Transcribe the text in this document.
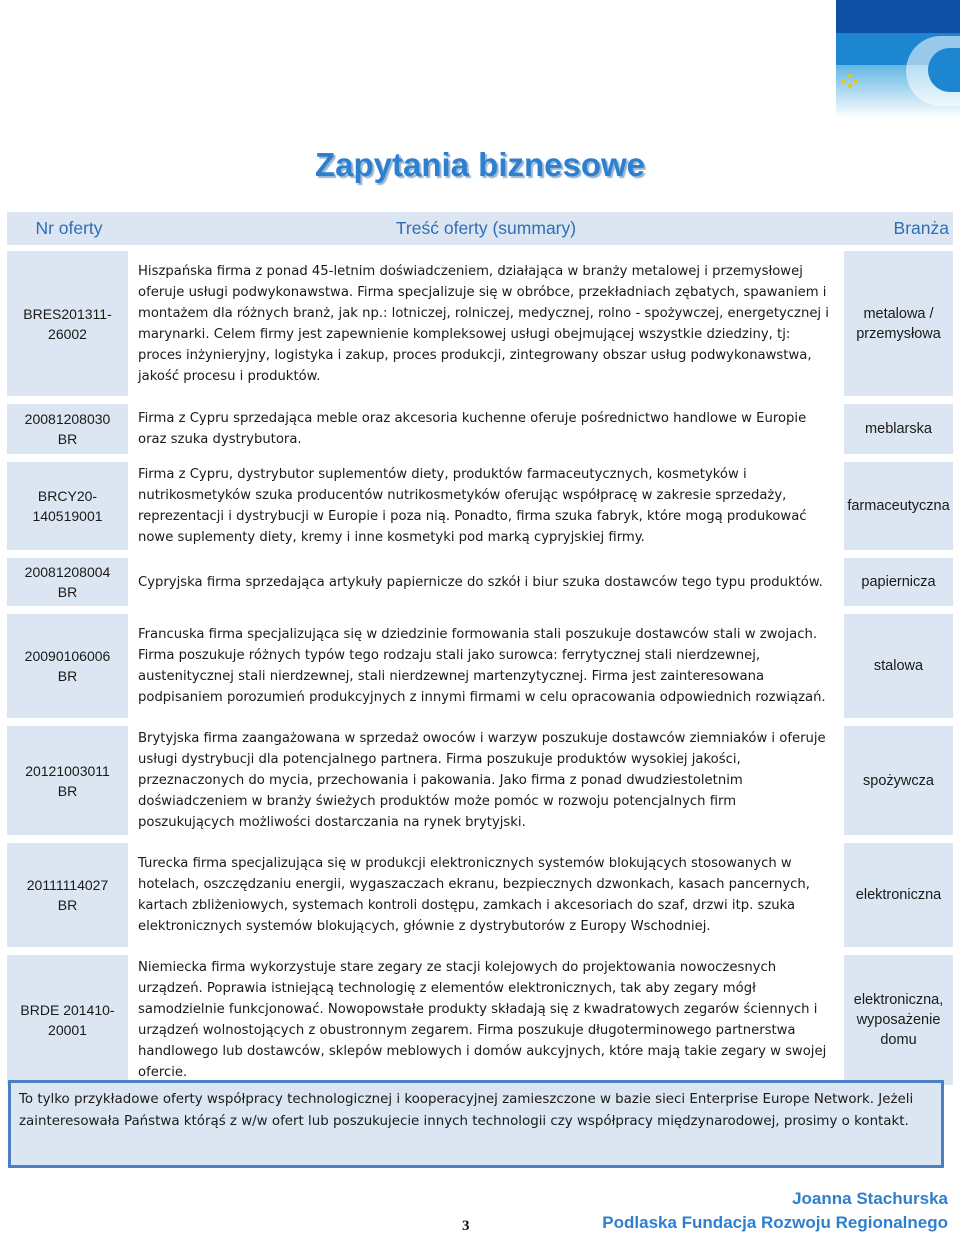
Zapytania biznesowe
Nr oferty	Treść oferty (summary)	Branża
BRES201311-26002	Hiszpańska firma z ponad 45-letnim doświadczeniem, działająca w branży metalowej i przemysłowej oferuje usługi podwykonawstwa. Firma specjalizuje się w obróbce, przekładniach zębatych, spawaniem i montażem dla różnych branż, jak np.: lotniczej, rolniczej, medycznej, rolno - spożywczej, energetycznej i marynarki. Celem firmy jest zapewnienie kompleksowej usługi obejmującej wszystkie dziedziny, tj: proces inżynieryjny, logistyka i zakup, proces produkcji, zintegrowany obszar usług podwykonawstwa, jakość procesu i produktów.	metalowa / przemysłowa
20081208030 BR	Firma z Cypru sprzedająca meble oraz akcesoria kuchenne oferuje pośrednictwo handlowe w Europie oraz szuka dystrybutora.	meblarska
BRCY20-140519001	Firma z Cypru, dystrybutor suplementów diety, produktów farmaceutycznych, kosmetyków i nutrikosmetyków szuka producentów nutrikosmetyków oferując współpracę w zakresie sprzedaży, reprezentacji i dystrybucji w Europie i poza nią. Ponadto, firma szuka fabryk, które mogą produkować nowe suplementy diety, kremy i inne kosmetyki pod marką cypryjskiej firmy.	farmaceutyczna
20081208004 BR	Cypryjska firma sprzedająca artykuły papiernicze do szkół i biur szuka dostawców tego typu produktów.	papiernicza
20090106006 BR	Francuska firma specjalizująca się w dziedzinie formowania stali poszukuje dostawców stali w zwojach. Firma poszukuje różnych typów tego rodzaju stali jako surowca: ferrytycznej stali nierdzewnej, austenitycznej stali nierdzewnej, stali nierdzewnej martenzytycznej. Firma jest zainteresowana podpisaniem porozumień produkcyjnych z innymi firmami w celu opracowania odpowiednich rozwiązań.	stalowa
20121003011 BR	Brytyjska firma zaangażowana w sprzedaż owoców i warzyw poszukuje dostawców ziemniaków i oferuje usługi dystrybucji dla potencjalnego partnera. Firma poszukuje produktów wysokiej jakości, przeznaczonych do mycia, przechowania i pakowania. Jako firma z ponad dwudziestoletnim doświadczeniem w branży świeżych produktów może pomóc w rozwoju potencjalnych firm poszukujących możliwości dostarczania na rynek brytyjski.	spożywcza
20111114027 BR	Turecka firma specjalizująca się w produkcji elektronicznych systemów blokujących stosowanych w hotelach, oszczędzaniu energii, wygaszaczach ekranu, bezpiecznych dzwonkach, kasach pancernych, kartach zbliżeniowych, systemach kontroli dostępu, zamkach i akcesoriach do szaf, drzwi itp. szuka elektronicznych systemów blokujących, głównie z dystrybutorów z Europy Wschodniej.	elektroniczna
BRDE 201410-20001	Niemiecka firma wykorzystuje stare zegary ze stacji kolejowych do projektowania nowoczesnych urządzeń. Poprawia istniejącą technologię z elementów elektronicznych, tak aby zegary mógł samodzielnie funkcjonować. Nowopowstałe produkty składają się z kwadratowych zegarów ściennych i urządzeń wolnostojących z obustronnym zegarem. Firma poszukuje długoterminowego partnerstwa handlowego lub dostawców, sklepów meblowych i domów aukcyjnych, które mają takie zegary w swojej ofercie.	elektroniczna, wyposażenie domu
To tylko przykładowe oferty współpracy technologicznej i kooperacyjnej zamieszczone w bazie sieci Enterprise Europe Network. Jeżeli zainteresowała Państwa którąś z w/w ofert lub poszukujecie innych technologii czy współpracy międzynarodowej, prosimy o kontakt.
3
Joanna Stachurska
Podlaska Fundacja Rozwoju Regionalnego
